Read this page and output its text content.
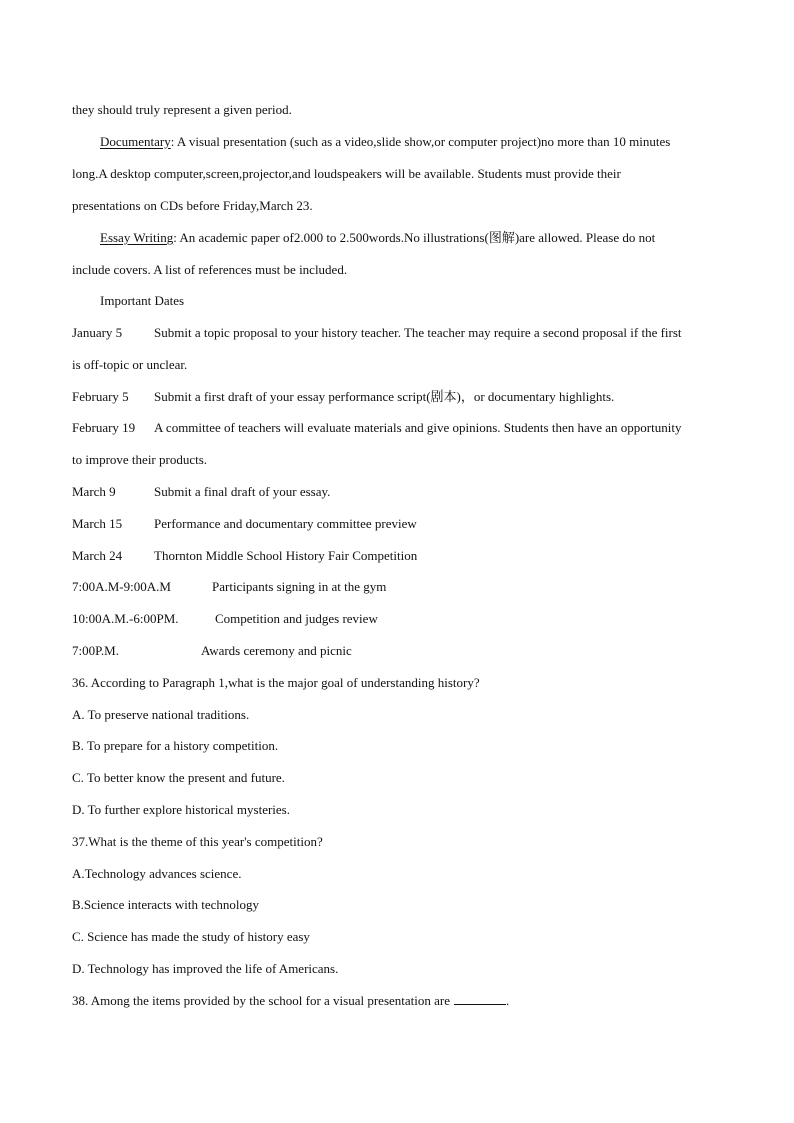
they should truly represent a given period.
Documentary: A visual presentation (such as a video,slide show,or computer project)no more than 10 minutes
long.A desktop computer,screen,projector,and loudspeakers will be available. Students must provide their
presentations on CDs before Friday,March 23.
Essay Writing: An academic paper of2.000 to 2.500words.No illustrations(图解)are allowed. Please do not
include covers. A list of references must be included.
Important Dates
January 5 Submit a topic proposal to your history teacher. The teacher may require a second proposal if the first
is off-topic or unclear.
February 5 Submit a first draft of your essay performance script(剧本)，or documentary highlights.
February 19 A committee of teachers will evaluate materials and give opinions. Students then have an opportunity
to improve their products.
March 9	Submit a final draft of your essay.
March 15 Performance and documentary committee preview
March 24 Thornton Middle School History Fair Competition
7:00A.M-9:00A.M	Participants signing in at the gym
10:00A.M.-6:00PM.	Competition and judges review
7:00P.M.	Awards ceremony and picnic
36. According to Paragraph 1,what is the major goal of understanding history?
A. To preserve national traditions.
B. To prepare for a history competition.
C. To better know the present and future.
D. To further explore historical mysteries.
37.What is the theme of this year's competition?
A.Technology advances science.
B.Science interacts with technology
C. Science has made the study of history easy
D. Technology has improved the life of Americans.
38. Among the items provided by the school for a visual presentation are	.
